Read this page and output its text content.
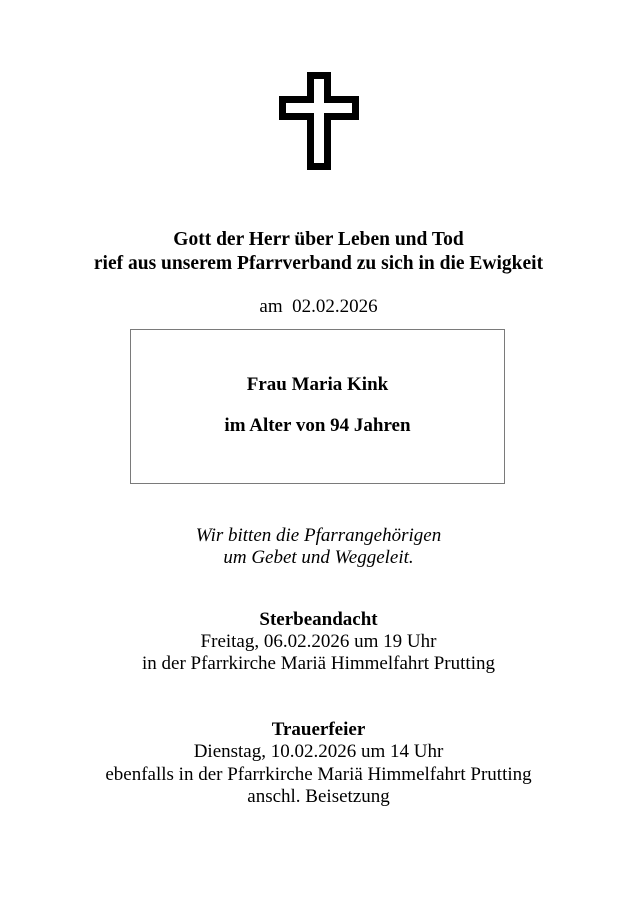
Gott der Herr über Leben und Tod
rief aus unserem Pfarrverband zu sich in die Ewigkeit
am  02.02.2026
Frau Maria Kink
im Alter von 94 Jahren
Wir bitten die Pfarrangehörigen
um Gebet und Weggeleit.
Sterbeandacht
Freitag, 06.02.2026 um 19 Uhr
in der Pfarrkirche Mariä Himmelfahrt Prutting
Trauerfeier
Dienstag, 10.02.2026 um 14 Uhr
ebenfalls in der Pfarrkirche Mariä Himmelfahrt Prutting
anschl. Beisetzung
